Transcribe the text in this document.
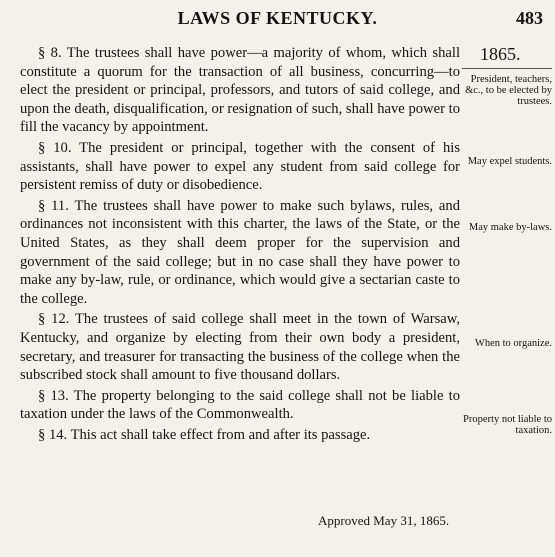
LAWS OF KENTUCKY.	483

§ 8. The trustees shall have power—a majority of whom, which shall constitute a quorum for the transaction of all business, concurring—to elect the president or principal, professors, and tutors of said college, and upon the death, disqualification, or resignation of such, shall have power to fill the vacancy by appointment.

§ 10. The president or principal, together with the consent of his assistants, shall have power to expel any student from said college for persistent remiss of duty or disobedience.

§ 11. The trustees shall have power to make such bylaws, rules, and ordinances not inconsistent with this charter, the laws of the State, or the United States, as they shall deem proper for the supervision and government of the said college; but in no case shall they have power to make any by-law, rule, or ordinance, which would give a sectarian caste to the college.

§ 12. The trustees of said college shall meet in the town of Warsaw, Kentucky, and organize by electing from their own body a president, secretary, and treasurer for transacting the business of the college when the subscribed stock shall amount to five thousand dollars.

§ 13. The property belonging to the said college shall not be liable to taxation under the laws of the Commonwealth.

§ 14. This act shall take effect from and after its passage.

1865.
President, teachers, &c., to be elected by trustees.
May expel students.
May make by-laws.
When to organize.
Property not liable to taxation.
Approved May 31, 1865.
